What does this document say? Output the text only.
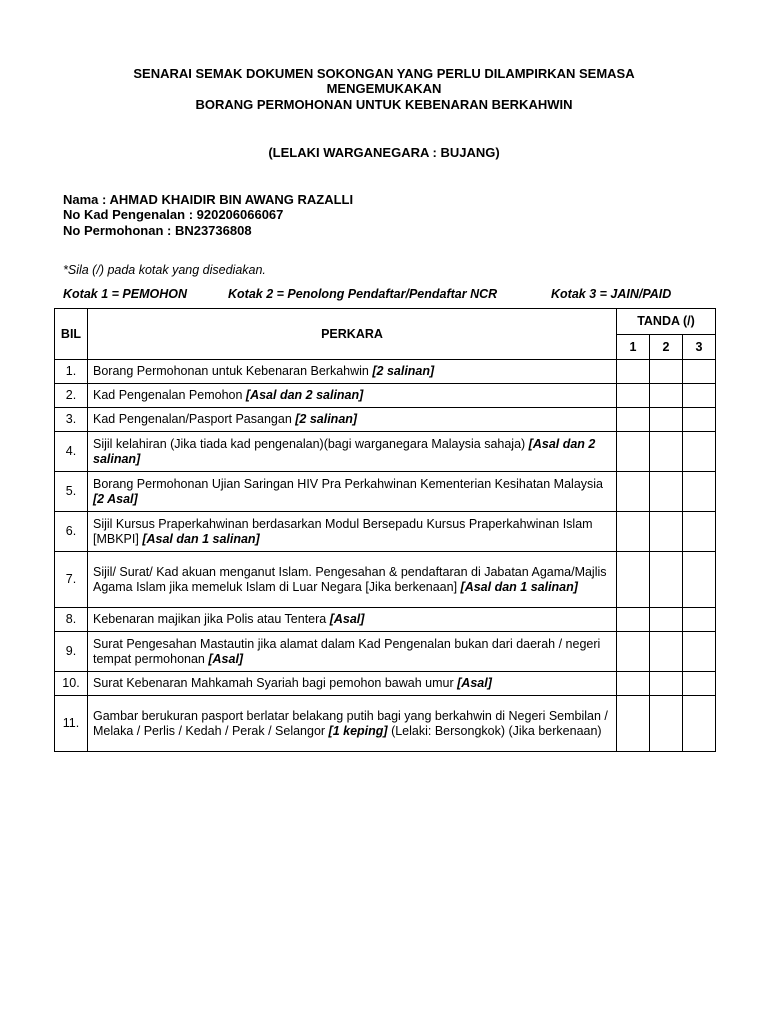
SENARAI SEMAK DOKUMEN SOKONGAN YANG PERLU DILAMPIRKAN SEMASA
MENGEMUKAKAN
BORANG PERMOHONAN UNTUK KEBENARAN BERKAHWIN
(LELAKI WARGANEGARA : BUJANG)
Nama : AHMAD KHAIDIR BIN AWANG RAZALLI
No Kad Pengenalan : 920206066067
No Permohonan : BN23736808
*Sila (/) pada kotak yang disediakan.
Kotak 1 = PEMOHON	Kotak 2 = Penolong Pendaftar/Pendaftar NCR	Kotak 3 = JAIN/PAID
BIL	PERKARA	TANDA (/)		
		1	2	3
1.	Borang Permohonan untuk Kebenaran Berkahwin [2 salinan]			
2.	Kad Pengenalan Pemohon [Asal dan 2 salinan]			
3.	Kad Pengenalan/Pasport Pasangan [2 salinan]			
4.	Sijil kelahiran (Jika tiada kad pengenalan)(bagi warganegara Malaysia sahaja) [Asal dan 2 salinan]			
5.	Borang Permohonan Ujian Saringan HIV Pra Perkahwinan Kementerian Kesihatan Malaysia [2 Asal]			
6.	Sijil Kursus Praperkahwinan berdasarkan Modul Bersepadu Kursus Praperkahwinan Islam [MBKPI] [Asal dan 1 salinan]			
7.	Sijil/ Surat/ Kad akuan menganut Islam. Pengesahan & pendaftaran di Jabatan Agama/Majlis Agama Islam jika memeluk Islam di Luar Negara [Jika berkenaan] [Asal dan 1 salinan]			
8.	Kebenaran majikan jika Polis atau Tentera [Asal]			
9.	Surat Pengesahan Mastautin jika alamat dalam Kad Pengenalan bukan dari daerah / negeri tempat permohonan [Asal]			
10.	Surat Kebenaran Mahkamah Syariah bagi pemohon bawah umur [Asal]			
11.	Gambar berukuran pasport berlatar belakang putih bagi yang berkahwin di Negeri Sembilan / Melaka / Perlis / Kedah / Perak / Selangor [1 keping] (Lelaki: Bersongkok) (Jika berkenaan)			
